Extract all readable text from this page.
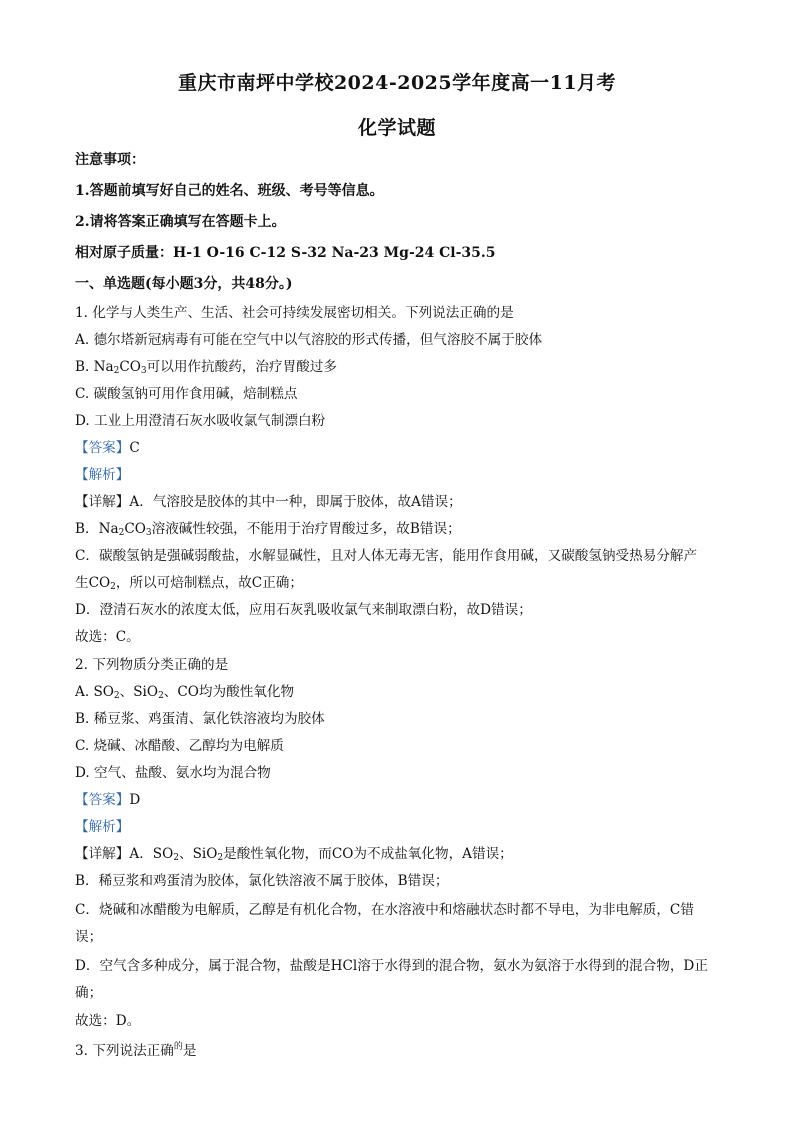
重庆市南坪中学校2024-2025学年度高一11月考
化学试题
注意事项：
1.答题前填写好自己的姓名、班级、考号等信息。
2.请将答案正确填写在答题卡上。
相对原子质量：H-1 O-16 C-12 S-32 Na-23 Mg-24 Cl-35.5
一、单选题(每小题3分，共48分。)
1. 化学与人类生产、生活、社会可持续发展密切相关。下列说法正确的是
A. 德尔塔新冠病毒有可能在空气中以气溶胶的形式传播，但气溶胶不属于胶体
B. $Na_2CO_3$可以用作抗酸药，治疗胃酸过多
C. 碳酸氢钠可用作食用碱，焙制糕点
D. 工业上用澄清石灰水吸收氯气制漂白粉
【答案】C
【解析】
【详解】A．气溶胶是胶体的其中一种，即属于胶体，故A错误；
B．$Na_2CO_3$溶液碱性较强，不能用于治疗胃酸过多，故B错误；
C．碳酸氢钠是强碱弱酸盐，水解显碱性，且对人体无毒无害，能用作食用碱，又碳酸氢钠受热易分解产
生$CO_2$，所以可焙制糕点，故C正确；
D．澄清石灰水的浓度太低，应用石灰乳吸收氯气来制取漂白粉，故D错误；
故选：C。
2. 下列物质分类正确的是
A. $SO_2$、SiO$_2$、CO均为酸性氧化物
B. 稀豆浆、鸡蛋清、氯化铁溶液均为胶体
C. 烧碱、冰醋酸、乙醇均为电解质
D. 空气、盐酸、氨水均为混合物
【答案】D
【解析】
【详解】A．$SO_2$、SiO$_2$是酸性氧化物，而CO为不成盐氧化物，A错误；
B．稀豆浆和鸡蛋清为胶体，氯化铁溶液不属于胶体，B错误；
C．烧碱和冰醋酸为电解质，乙醇是有机化合物，在水溶液中和熔融状态时都不导电，为非电解质，C错
误；
D．空气含多种成分，属于混合物，盐酸是HCl溶于水得到的混合物，氨水为氨溶于水得到的混合物，D正
确；
故选：D。
3. 下列说法正确$^的$是
